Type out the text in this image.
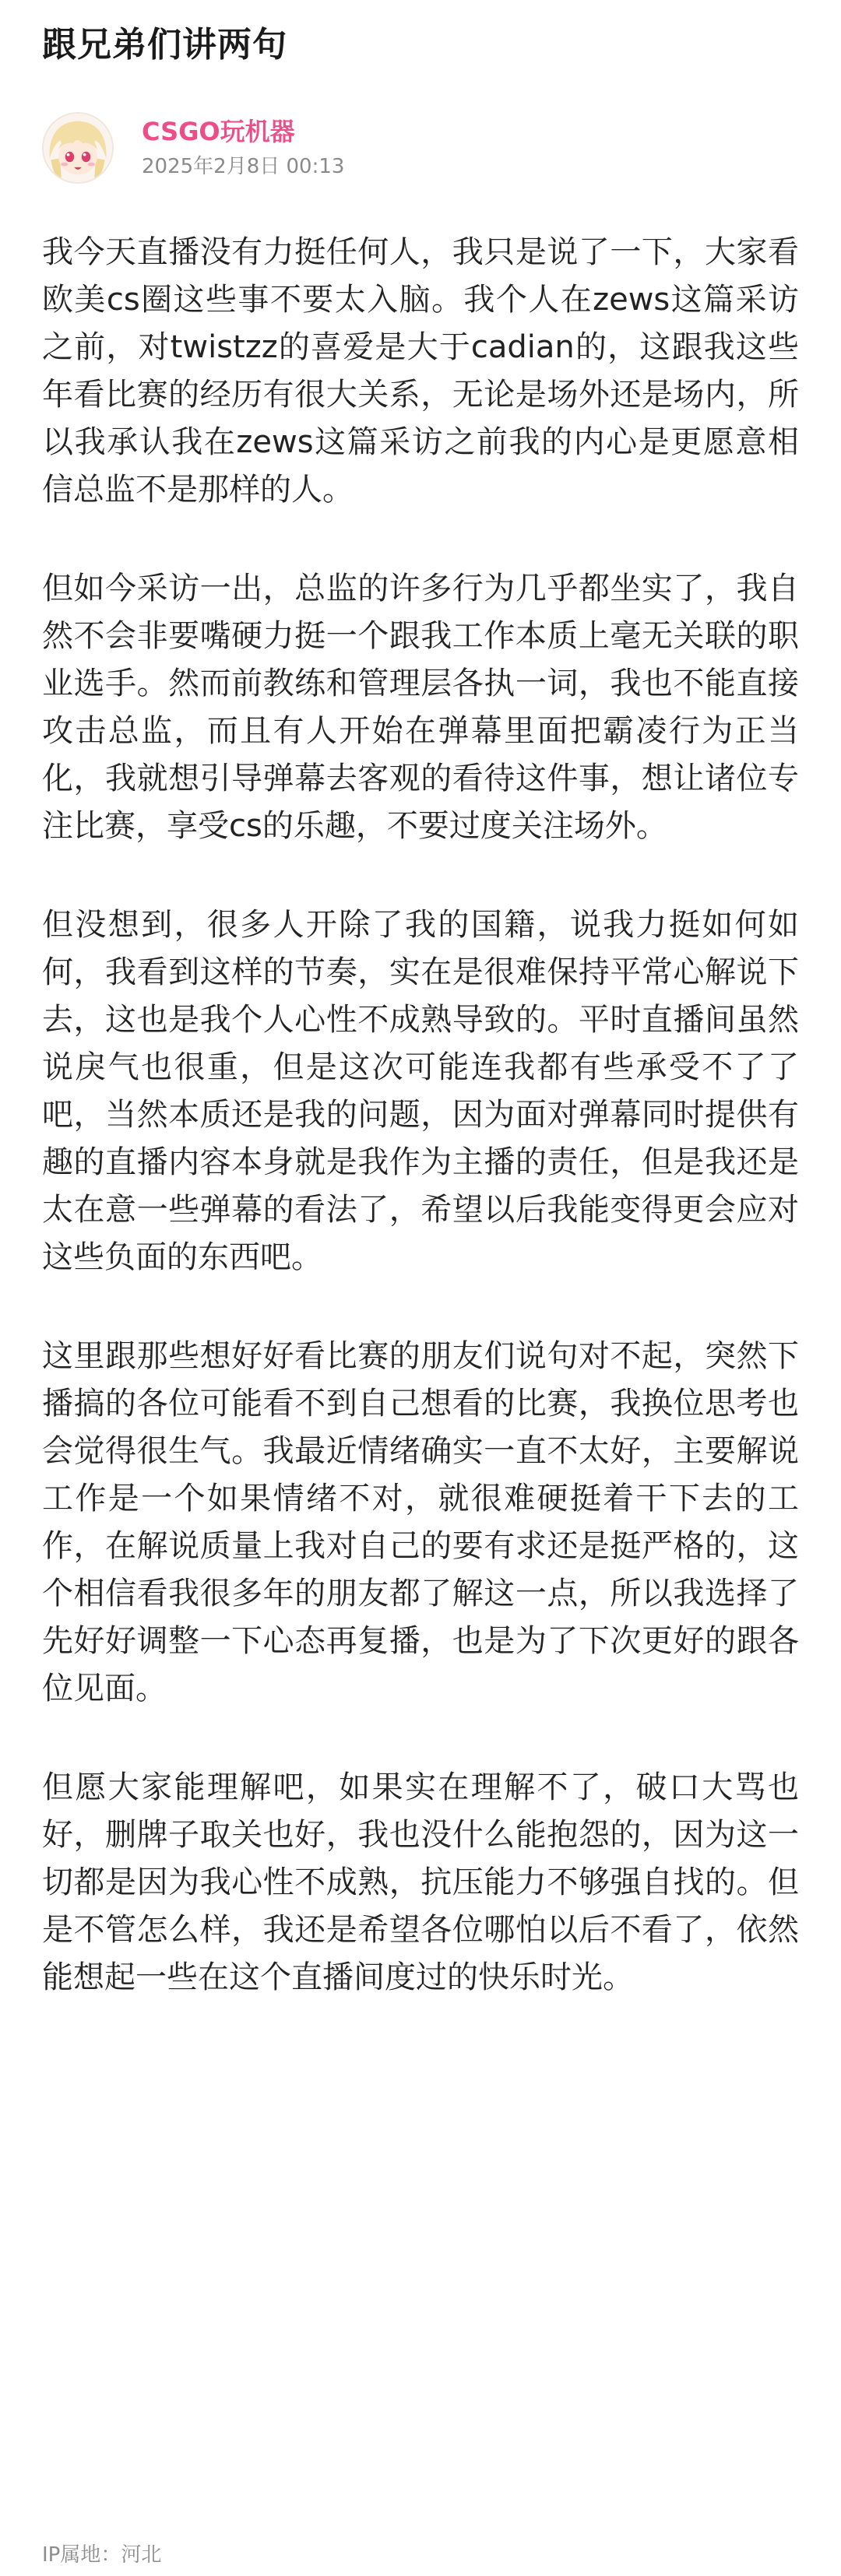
跟兄弟们讲两句
CSGO玩机器
2025年2月8日 00:13

我今天直播没有力挺任何人，我只是说了一下，大家看欧美cs圈这些事不要太入脑。我个人在zews这篇采访之前，对twistzz的喜爱是大于cadian的，这跟我这些年看比赛的经历有很大关系，无论是场外还是场内，所以我承认我在zews这篇采访之前我的内心是更愿意相信总监不是那样的人。

但如今采访一出，总监的许多行为几乎都坐实了，我自然不会非要嘴硬力挺一个跟我工作本质上毫无关联的职业选手。然而前教练和管理层各执一词，我也不能直接攻击总监，而且有人开始在弹幕里面把霸凌行为正当化，我就想引导弹幕去客观的看待这件事，想让诸位专注比赛，享受cs的乐趣，不要过度关注场外。

但没想到，很多人开除了我的国籍，说我力挺如何如何，我看到这样的节奏，实在是很难保持平常心解说下去，这也是我个人心性不成熟导致的。平时直播间虽然说戾气也很重，但是这次可能连我都有些承受不了了吧，当然本质还是我的问题，因为面对弹幕同时提供有趣的直播内容本身就是我作为主播的责任，但是我还是太在意一些弹幕的看法了，希望以后我能变得更会应对这些负面的东西吧。

这里跟那些想好好看比赛的朋友们说句对不起，突然下播搞的各位可能看不到自己想看的比赛，我换位思考也会觉得很生气。我最近情绪确实一直不太好，主要解说工作是一个如果情绪不对，就很难硬挺着干下去的工作，在解说质量上我对自己的要有求还是挺严格的，这个相信看我很多年的朋友都了解这一点，所以我选择了先好好调整一下心态再复播，也是为了下次更好的跟各位见面。

但愿大家能理解吧，如果实在理解不了，破口大骂也好，删牌子取关也好，我也没什么能抱怨的，因为这一切都是因为我心性不成熟，抗压能力不够强自找的。但是不管怎么样，我还是希望各位哪怕以后不看了，依然能想起一些在这个直播间度过的快乐时光。

IP属地：河北
